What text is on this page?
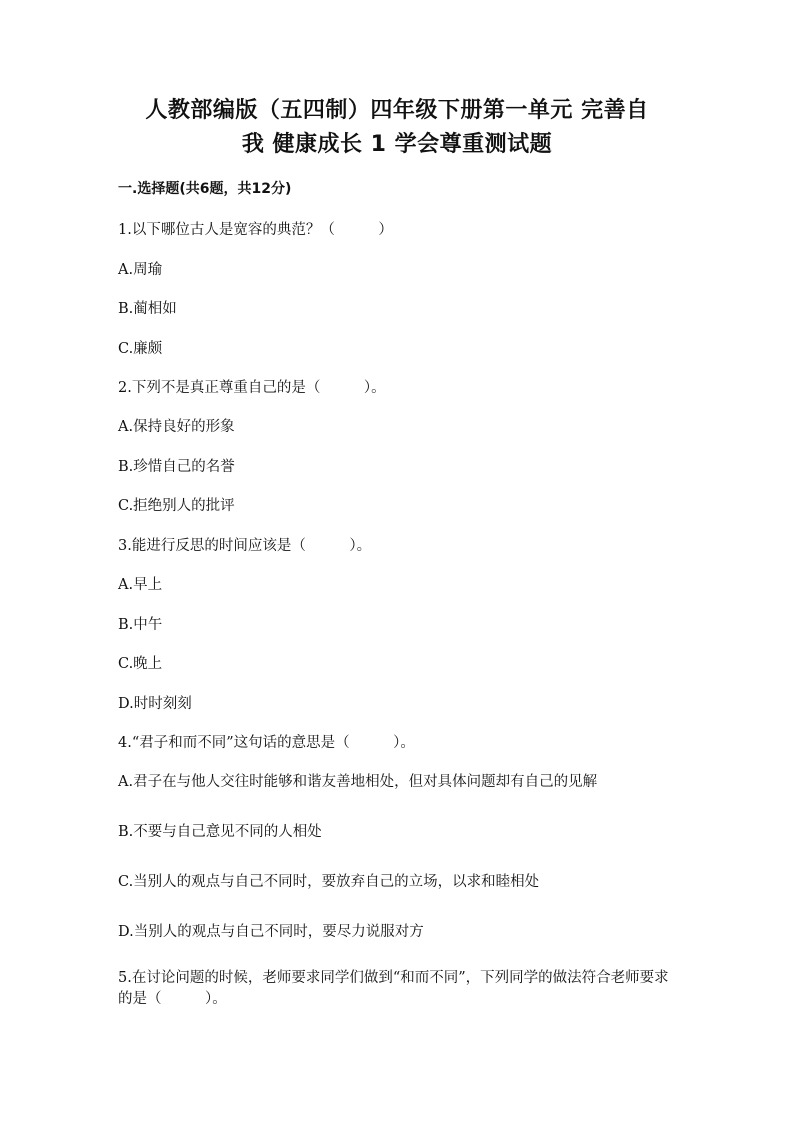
人教部编版（五四制）四年级下册第一单元 完善自
我 健康成长 1 学会尊重测试题
一.选择题(共6题，共12分)
1.以下哪位古人是宽容的典范？（　　　）
A.周瑜
B.蔺相如
C.廉颇
2.下列不是真正尊重自己的是（　　　）。
A.保持良好的形象
B.珍惜自己的名誉
C.拒绝别人的批评
3.能进行反思的时间应该是（　　　）。
A.早上
B.中午
C.晚上
D.时时刻刻
4.“君子和而不同”这句话的意思是（　　　）。
A.君子在与他人交往时能够和谐友善地相处，但对具体问题却有自己的见解
B.不要与自己意见不同的人相处
C.当别人的观点与自己不同时，要放弃自己的立场，以求和睦相处
D.当别人的观点与自己不同时，要尽力说服对方
5.在讨论问题的时候，老师要求同学们做到“和而不同”，下列同学的做法符合老师要求的是（　　　）。
